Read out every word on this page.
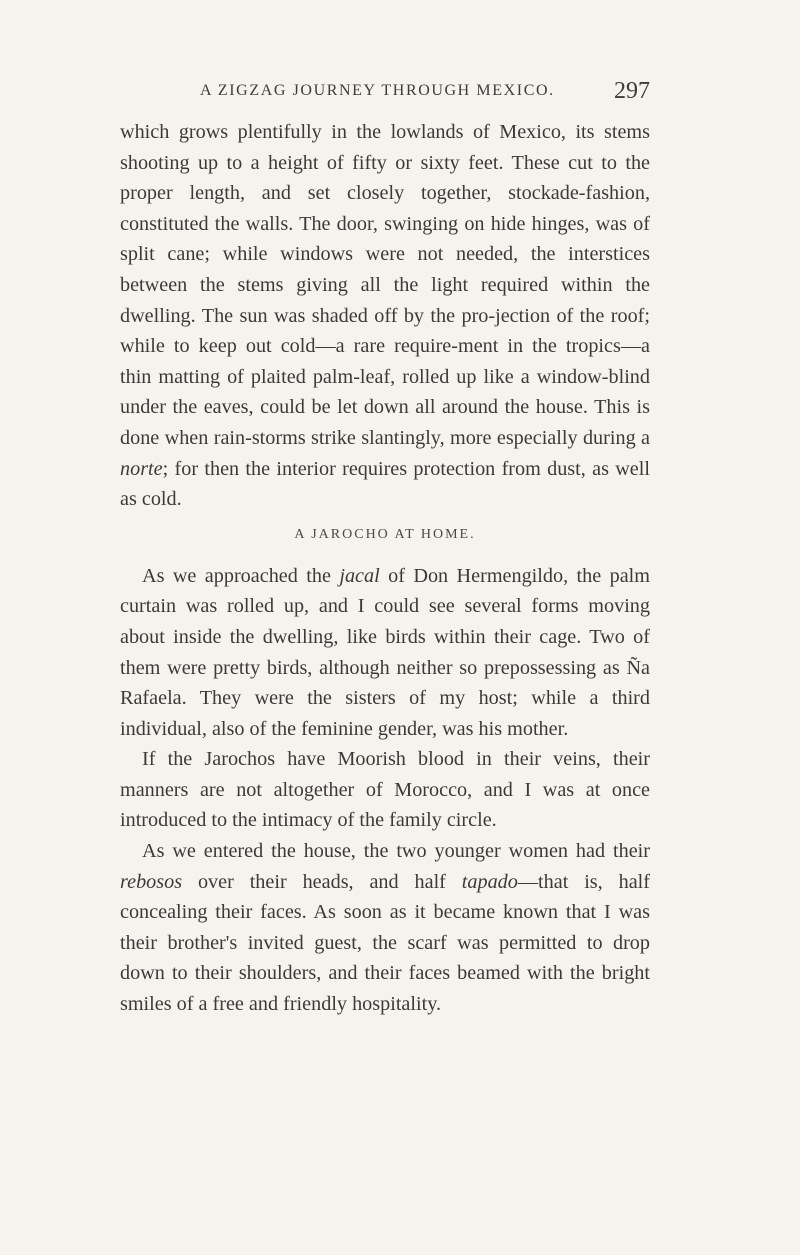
A ZIGZAG JOURNEY THROUGH MEXICO. 297

which grows plentifully in the lowlands of Mexico, its stems shooting up to a height of fifty or sixty feet. These cut to the proper length, and set closely together, stockade-fashion, constituted the walls. The door, swinging on hide hinges, was of split cane; while windows were not needed, the interstices between the stems giving all the light required within the dwelling. The sun was shaded off by the pro-jection of the roof; while to keep out cold—a rare require-ment in the tropics—a thin matting of plaited palm-leaf, rolled up like a window-blind under the eaves, could be let down all around the house. This is done when rain-storms strike slantingly, more especially during a norte; for then the interior requires protection from dust, as well as cold.

A JAROCHO AT HOME.

As we approached the jacal of Don Hermengildo, the palm curtain was rolled up, and I could see several forms moving about inside the dwelling, like birds within their cage. Two of them were pretty birds, although neither so prepossessing as Ña Rafaela. They were the sisters of my host; while a third individual, also of the feminine gender, was his mother.

If the Jarochos have Moorish blood in their veins, their manners are not altogether of Morocco, and I was at once introduced to the intimacy of the family circle.

As we entered the house, the two younger women had their rebosos over their heads, and half tapado—that is, half concealing their faces. As soon as it became known that I was their brother's invited guest, the scarf was permitted to drop down to their shoulders, and their faces beamed with the bright smiles of a free and friendly hospitality.
